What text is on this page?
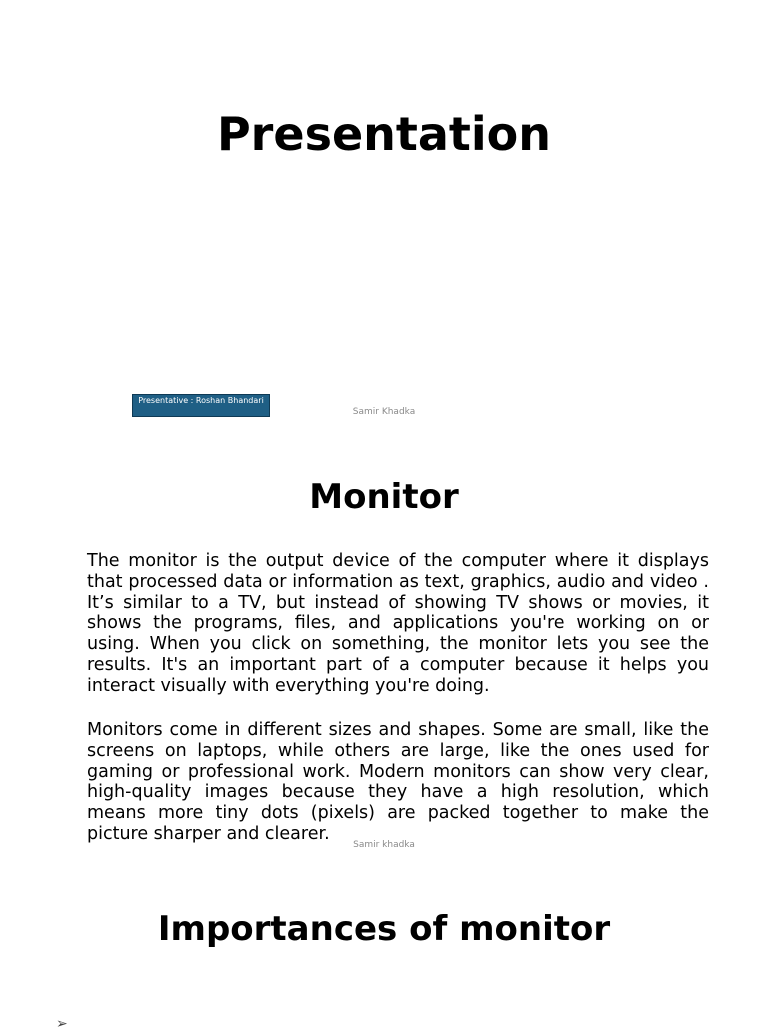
Presentation
Presentative : Roshan Bhandari
Samir Khadka
Monitor

The monitor is the output device of the computer where it displays that processed data or information as text, graphics, audio and video . It’s similar to a TV, but instead of showing TV shows or movies, it shows the programs, files, and applications you're working on or using. When you click on something, the monitor lets you see the results. It's an important part of a computer because it helps you interact visually with everything you're doing.

Monitors come in different sizes and shapes. Some are small, like the screens on laptops, while others are large, like the ones used for gaming or professional work. Modern monitors can show very clear, high-quality images because they have a high resolution, which means more tiny dots (pixels) are packed together to make the picture sharper and clearer.

Samir khadka
Importances of monitor
➢
